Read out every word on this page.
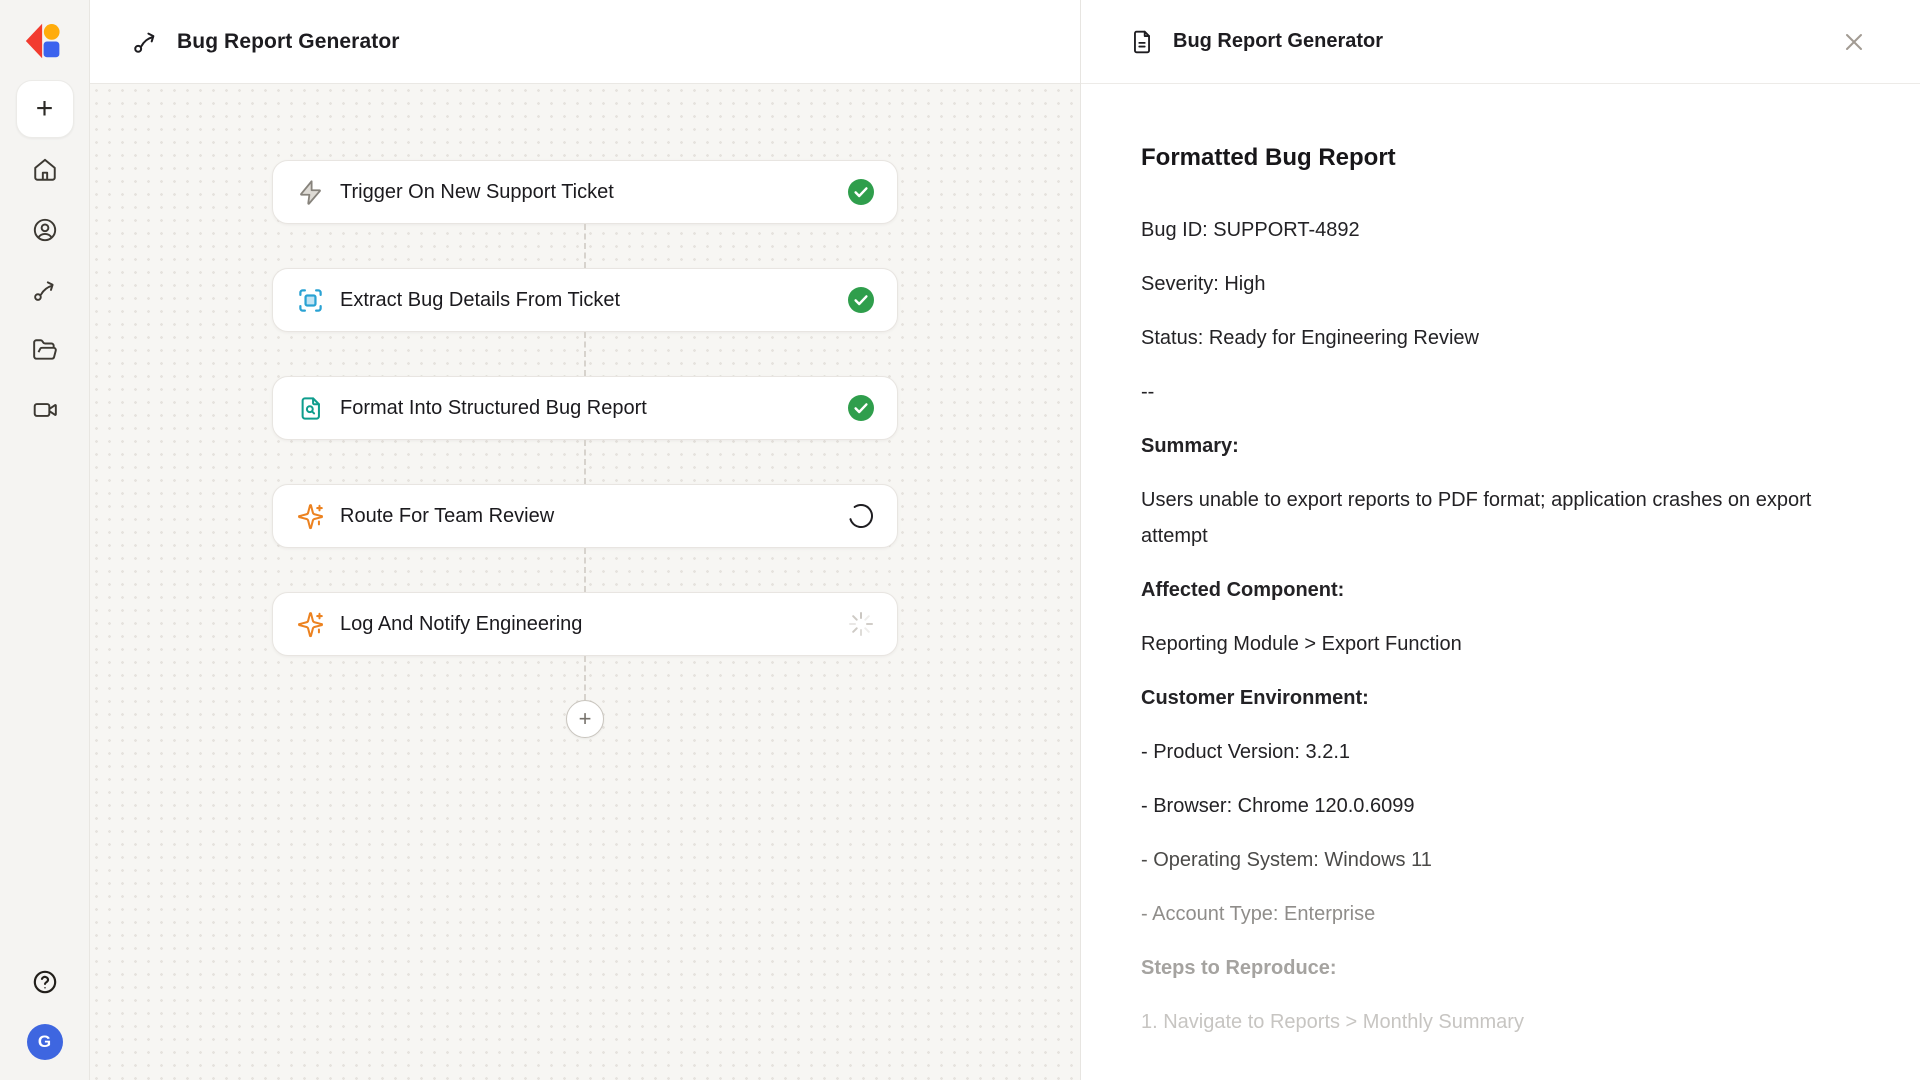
+
G
Bug Report Generator
Trigger On New Support Ticket
Extract Bug Details From Ticket
Format Into Structured Bug Report
Route For Team Review
Log And Notify Engineering
+
Bug Report Generator
Formatted Bug Report

Bug ID: SUPPORT-4892

Severity: High

Status: Ready for Engineering Review

--

Summary:

Users unable to export reports to PDF format; application crashes on export attempt

Affected Component:

Reporting Module > Export Function

Customer Environment:

- Product Version: 3.2.1

- Browser: Chrome 120.0.6099

- Operating System: Windows 11

- Account Type: Enterprise

Steps to Reproduce:

1. Navigate to Reports > Monthly Summary
